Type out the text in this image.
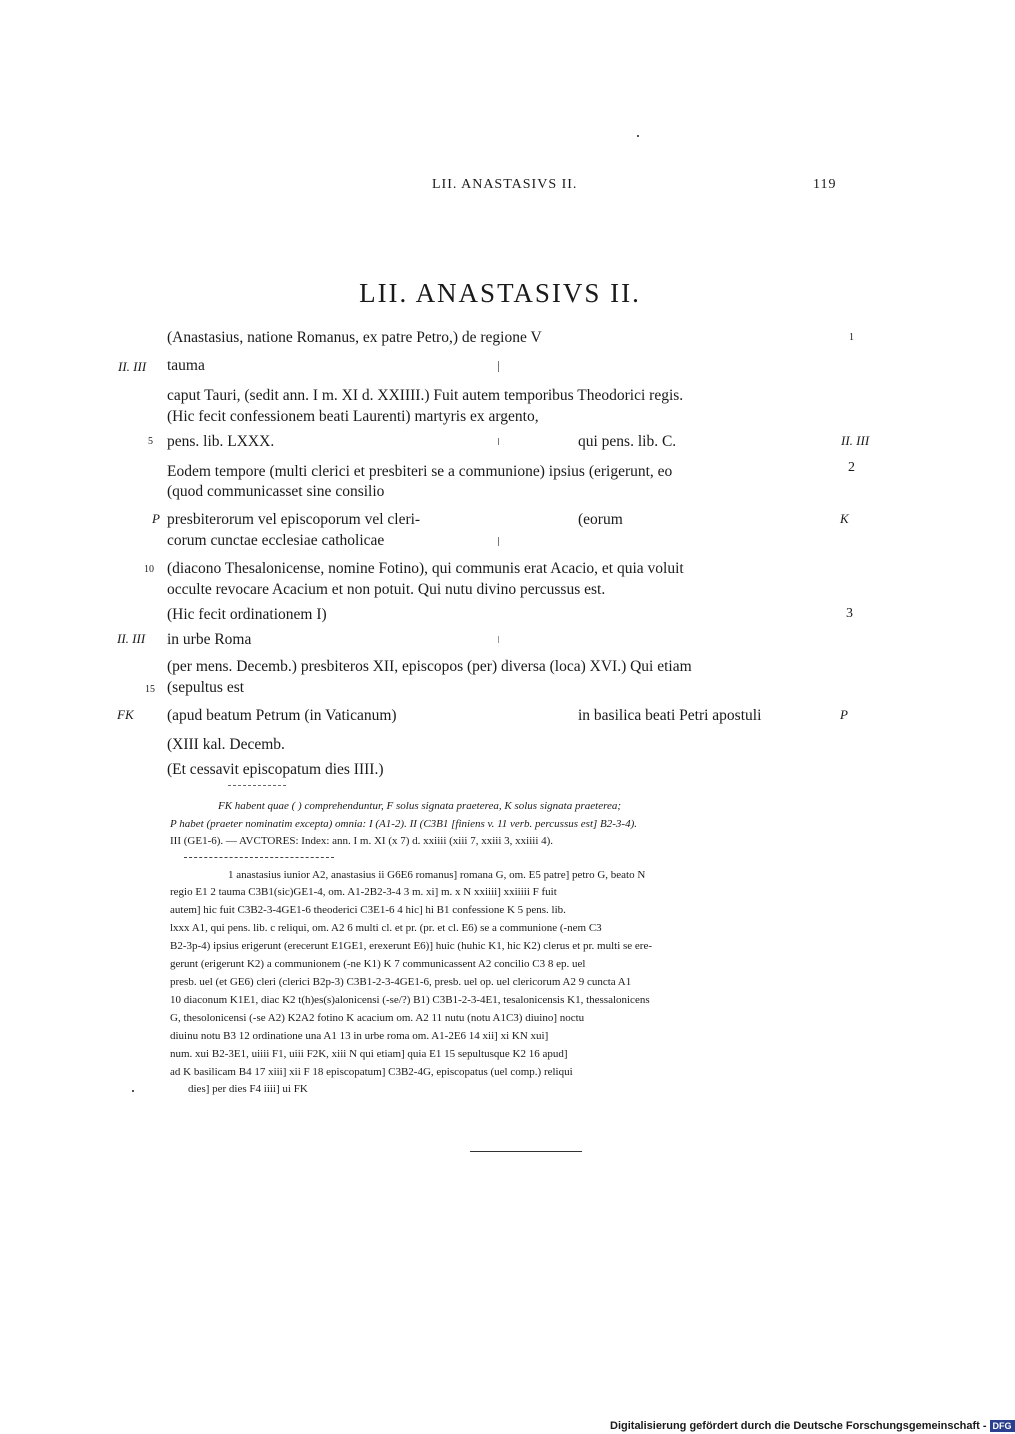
LII. ANASTASIVS II.	119
LII. ANASTASIVS II.
II. III
II. III
P	K
II. III
FK	P
1
5
2
10
3
15
(Anastasius, natione Romanus, ex patre Petro,) de regione V
tauma
caput Tauri, (sedit ann. I m. XI d. XXIIII.) Fuit autem temporibus Theodorici regis.
(Hic fecit confessionem beati Laurenti) martyris ex argento,
pens. lib. LXXX.	qui pens. lib. C.
Eodem tempore (multi clerici et presbiteri se a communione) ipsius (erigerunt, eo
(quod communicasset sine consilio
presbiterorum vel episcoporum vel cleri-	(eorum
corum cunctae ecclesiae catholicae
(diacono Thesalonicense, nomine Fotino), qui communis erat Acacio, et quia voluit
occulte revocare Acacium et non potuit. Qui nutu divino percussus est.
(Hic fecit ordinationem I)
in urbe Roma
(per mens. Decemb.) presbiteros XII, episcopos (per) diversa (loca) XVI.) Qui etiam
(sepultus est
(apud beatum Petrum (in Vaticanum)	in basilica beati Petri apostuli
(XIII kal. Decemb.
(Et cessavit episcopatum dies IIII.)
FK habent quae ( ) comprehenduntur, F solus signata praeterea, K solus signata praeterea;
P habet (praeter nominatim excepta) omnia: I (A1-2). II (C3B1 [finiens v. 11 verb. percussus est] B2-3-4).
III (GE1-6). — AVCTORES: Index: ann. I m. XI (x 7) d. xxiiii (xiii 7, xxiii 3, xxiiii 4).
1 anastasius iunior A2, anastasius ii G6E6 romanus] romana G, om. E5 patre] petro G, beato N
regio E1 2 tauma C3B1(sic)GE1-4, om. A1-2B2-3-4 3 m. xi] m. x N xxiiii] xxiiiii F fuit
autem] hic fuit C3B2-3-4GE1-6 theoderici C3E1-6 4 hic] hi B1 confessione K 5 pens. lib.
lxxx A1, qui pens. lib. c reliqui, om. A2 6 multi cl. et pr. (pr. et cl. E6) se a communione (-nem C3
B2-3p-4) ipsius erigerunt (erecerunt E1GE1, erexerunt E6)] huic (huhic K1, hic K2) clerus et pr. multi se ere-
gerunt (erigerunt K2) a communionem (-ne K1) K 7 communicassent A2 concilio C3 8 ep. uel
presb. uel (et GE6) cleri (clerici B2p-3) C3B1-2-3-4GE1-6, presb. uel op. uel clericorum A2 9 cuncta A1
10 diaconum K1E1, diac K2 t(h)es(s)alonicensi (-se/?) B1) C3B1-2-3-4E1, tesalonicensis K1, thessalonicens
G, thesolonicensi (-se A2) K2A2 fotino K acacium om. A2 11 nutu (notu A1C3) diuino] noctu
diuinu notu B3 12 ordinatione una A1 13 in urbe roma om. A1-2E6 14 xii] xi KN xui]
num. xui B2-3E1, uiiii F1, uiii F2K, xiii N qui etiam] quia E1 15 sepultusque K2 16 apud]
ad K basilicam B4 17 xiii] xii F 18 episcopatum] C3B2-4G, episcopatus (uel comp.) reliqui
dies] per dies F4 iiii] ui FK
Digitalisierung gefördert durch die Deutsche Forschungsgemeinschaft - DFG
